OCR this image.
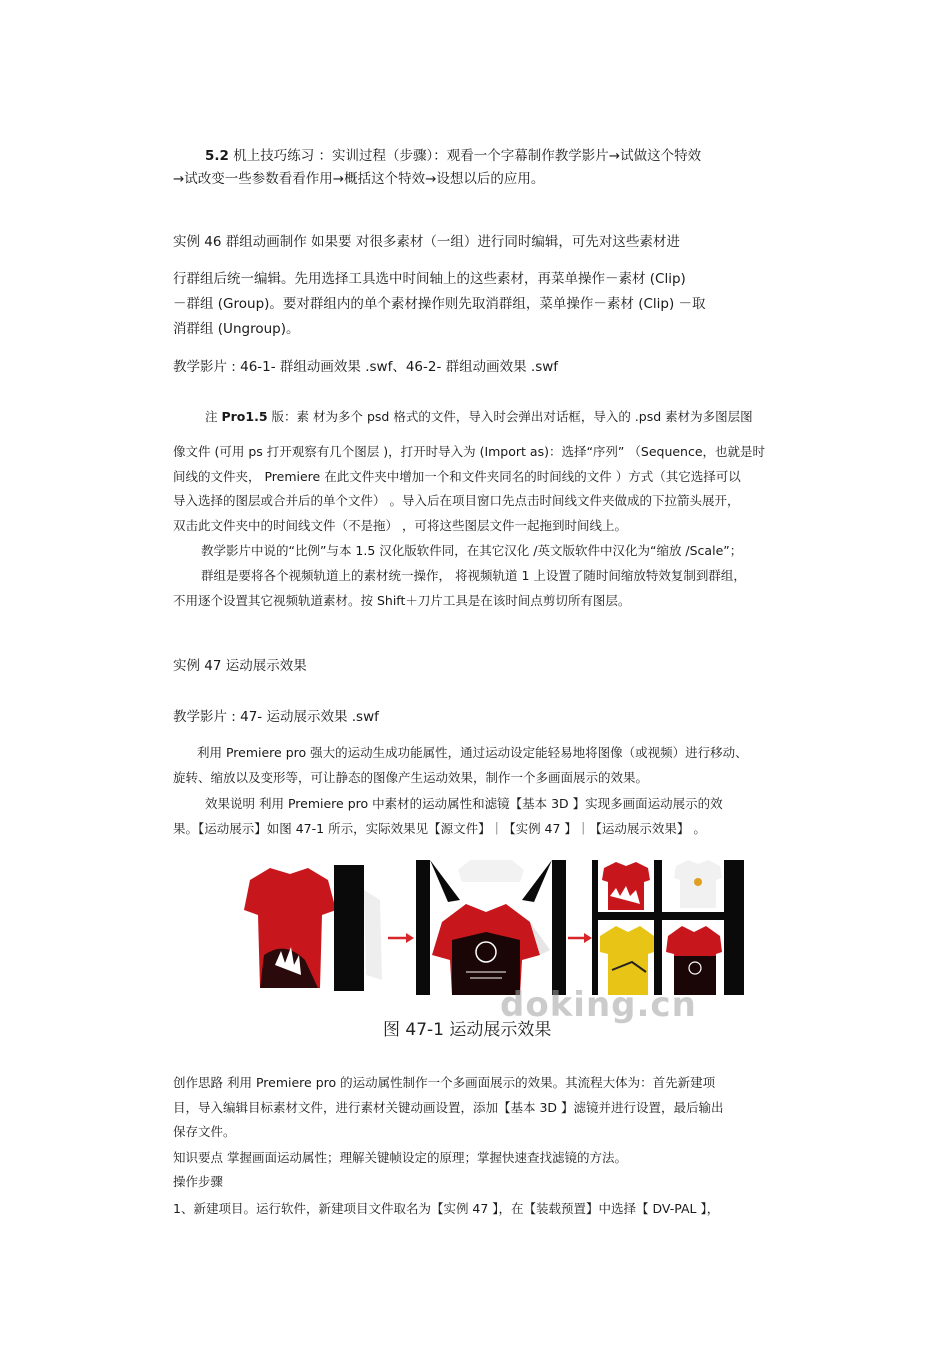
5.2 机上技巧练习 ：实训过程（步骤）：观看一个字幕制作教学影片→试做这个特效
→试改变一些参数看看作用→概括这个特效→设想以后的应用。
实例 46 群组动画制作 如果要 对很多素材（一组）进行同时编辑，可先对这些素材进
行群组后统一编辑。先用选择工具选中时间轴上的这些素材，再菜单操作－素材 (Clip)
－群组 (Group)。要对群组内的单个素材操作则先取消群组，菜单操作－素材 (Clip) －取
消群组 (Ungroup)。
教学影片 : 46-1- 群组动画效果 .swf、46-2- 群组动画效果 .swf
注 Pro1.5 版：素 材为多个 psd 格式的文件，导入时会弹出对话框，导入的 .psd 素材为多图层图
像文件 (可用 ps 打开观察有几个图层 )，打开时导入为 (Import as)：选择“序列” （Sequence，也就是时
间线的文件夹， Premiere 在此文件夹中增加一个和文件夹同名的时间线的文件 ）方式（其它选择可以
导入选择的图层或合并后的单个文件） 。导入后在项目窗口先点击时间线文件夹做成的下拉箭头展开，
双击此文件夹中的时间线文件（不是拖） ，可将这些图层文件一起拖到时间线上。
教学影片中说的“比例”与本 1.5 汉化版软件同，在其它汉化 /英文版软件中汉化为“缩放 /Scale”；
群组是要将各个视频轨道上的素材统一操作， 将视频轨道 1 上设置了随时间缩放特效复制到群组，
不用逐个设置其它视频轨道素材。按 Shift＋刀片工具是在该时间点剪切所有图层。
实例 47 运动展示效果
教学影片 : 47- 运动展示效果 .swf
利用 Premiere pro 强大的运动生成功能属性，通过运动设定能轻易地将图像（或视频）进行移动、
旋转、缩放以及变形等，可让静态的图像产生运动效果，制作一个多画面展示的效果。
效果说明 利用 Premiere pro 中素材的运动属性和滤镜【基本 3D 】实现多画面运动展示的效
果。【运动展示】如图 47-1 所示，实际效果见【源文件】｜【实例 47 】｜【运动展示效果】 。
doking.cn
图 47-1 运动展示效果
创作思路 利用 Premiere pro 的运动属性制作一个多画面展示的效果。其流程大体为：首先新建项
目，导入编辑目标素材文件，进行素材关键动画设置，添加【基本 3D 】滤镜并进行设置，最后输出
保存文件。
知识要点 掌握画面运动属性；理解关键帧设定的原理；掌握快速查找滤镜的方法。
操作步骤
1、新建项目。运行软件，新建项目文件取名为【实例 47 】，在【装载预置】中选择【 DV-PAL 】，
